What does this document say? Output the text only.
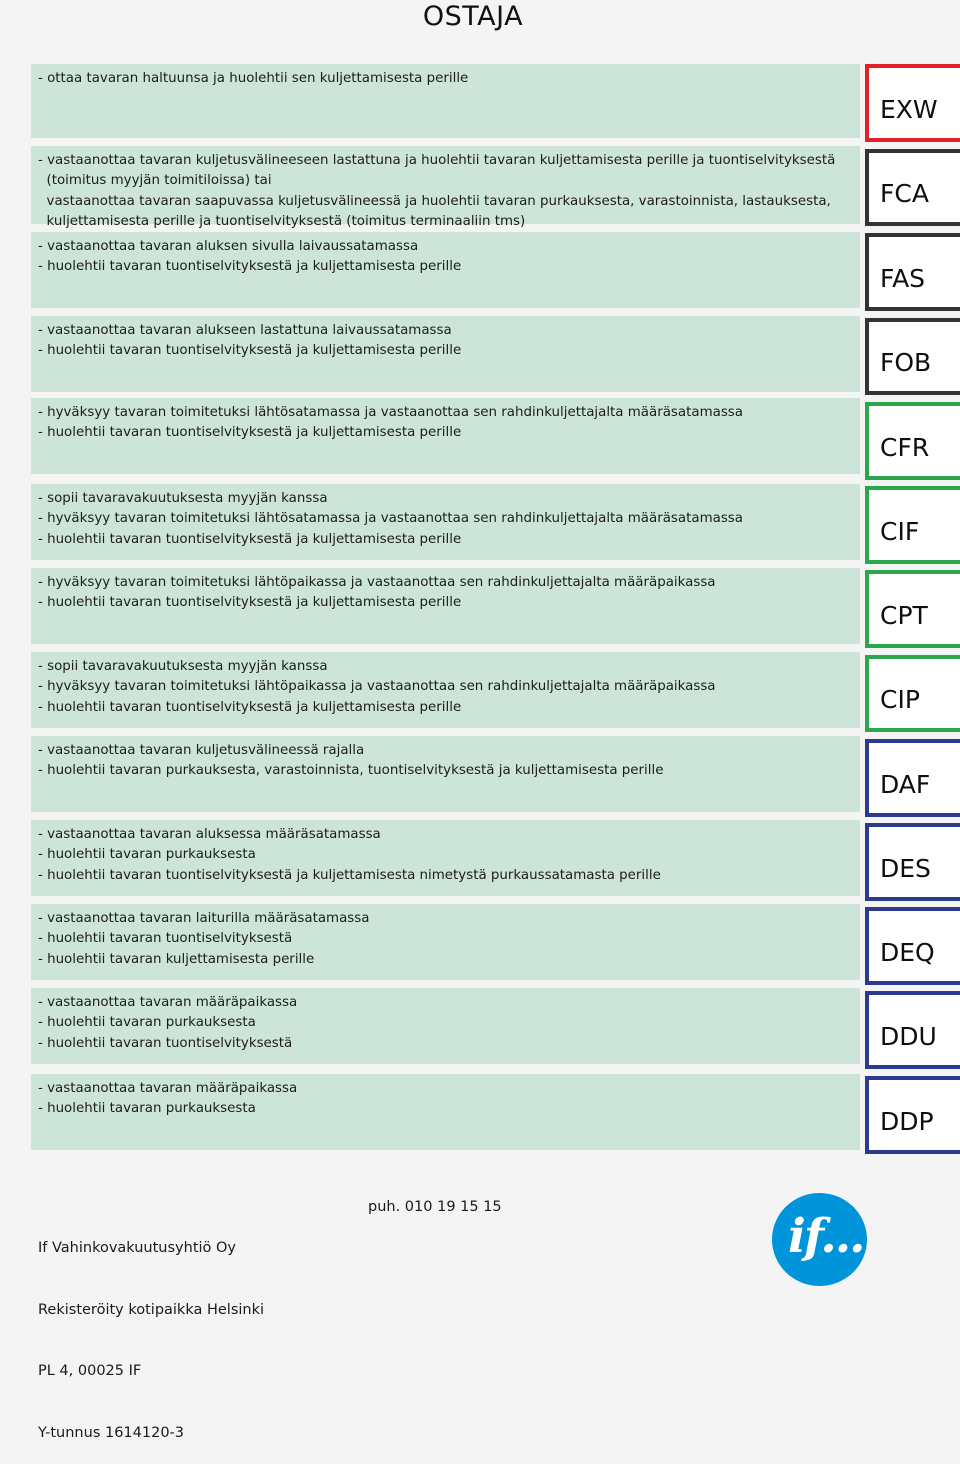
OSTAJA
- ottaa tavaran haltuunsa ja huolehtii sen kuljettamisesta perille
EXW
- vastaanottaa tavaran kuljetusvälineeseen lastattuna ja huolehtii tavaran kuljettamisesta perille ja tuontiselvityksestä
(toimitus myyjän toimitiloissa) tai
vastaanottaa tavaran saapuvassa kuljetusvälineessä ja huolehtii tavaran purkauksesta, varastoinnista, lastauksesta,
kuljettamisesta perille ja tuontiselvityksestä (toimitus terminaaliin tms)
FCA
- vastaanottaa tavaran aluksen sivulla laivaussatamassa
- huolehtii tavaran tuontiselvityksestä ja kuljettamisesta perille	FAS
- vastaanottaa tavaran alukseen lastattuna laivaussatamassa
- huolehtii tavaran tuontiselvityksestä ja kuljettamisesta perille	FOB
- hyväksyy tavaran toimitetuksi lähtösatamassa ja vastaanottaa sen rahdinkuljettajalta määräsatamassa
- huolehtii tavaran tuontiselvityksestä ja kuljettamisesta perille
CFR
- sopii tavaravakuutuksesta myyjän kanssa
- hyväksyy tavaran toimitetuksi lähtösatamassa ja vastaanottaa sen rahdinkuljettajalta määräsatamassa
- huolehtii tavaran tuontiselvityksestä ja kuljettamisesta perille	CIF
- hyväksyy tavaran toimitetuksi lähtöpaikassa ja vastaanottaa sen rahdinkuljettajalta määräpaikassa
- huolehtii tavaran tuontiselvityksestä ja kuljettamisesta perille	CPT
- sopii tavaravakuutuksesta myyjän kanssa
- hyväksyy tavaran toimitetuksi lähtöpaikassa ja vastaanottaa sen rahdinkuljettajalta määräpaikassa
- huolehtii tavaran tuontiselvityksestä ja kuljettamisesta perille	CIP
- vastaanottaa tavaran kuljetusvälineessä rajalla
- huolehtii tavaran purkauksesta, varastoinnista, tuontiselvityksestä ja kuljettamisesta perille	DAF
- vastaanottaa tavaran aluksessa määräsatamassa
- huolehtii tavaran purkauksesta
- huolehtii tavaran tuontiselvityksestä ja kuljettamisesta nimetystä purkaussatamasta perille	DES
- vastaanottaa tavaran laiturilla määräsatamassa
- huolehtii tavaran tuontiselvityksestä
- huolehtii tavaran kuljettamisesta perille	DEQ
- vastaanottaa tavaran määräpaikassa
- huolehtii tavaran purkauksesta
- huolehtii tavaran tuontiselvityksestä	DDU
- vastaanottaa tavaran määräpaikassa
- huolehtii tavaran purkauksesta	DDP

If Vahinkovakuutusyhtiö Oy

Rekisteröity kotipaikka Helsinki

PL 4, 00025 IF

Y-tunnus 1614120-3

puh. 010 19 15 15
if...
